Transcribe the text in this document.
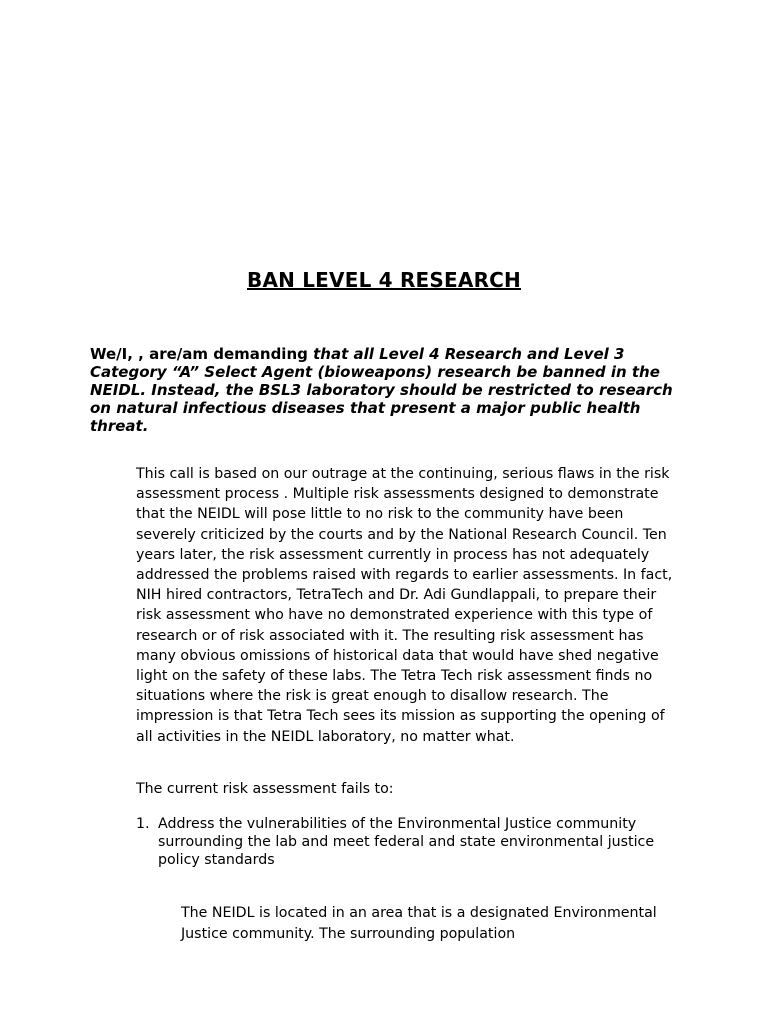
BAN LEVEL 4 RESEARCH

We/I, , are/am demanding that all Level 4 Research and Level 3 Category “A” Select Agent (bioweapons) research be banned in the NEIDL. Instead, the BSL3 laboratory should be restricted to research on natural infectious diseases that present a major public health threat.

This call is based on our outrage at the continuing, serious flaws in the risk assessment process . Multiple risk assessments designed to demonstrate that the NEIDL will pose little to no risk to the community have been severely criticized by the courts and by the National Research Council. Ten years later, the risk assessment currently in process has not adequately addressed the problems raised with regards to earlier assessments. In fact, NIH hired contractors, TetraTech and Dr. Adi Gundlappali, to prepare their risk assessment who have no demonstrated experience with this type of research or of risk associated with it. The resulting risk assessment has many obvious omissions of historical data that would have shed negative light on the safety of these labs. The Tetra Tech risk assessment finds no situations where the risk is great enough to disallow research. The impression is that Tetra Tech sees its mission as supporting the opening of all activities in the NEIDL laboratory, no matter what.

The current risk assessment fails to:

1. Address the vulnerabilities of the Environmental Justice community surrounding the lab and meet federal and state environmental justice policy standards

The NEIDL is located in an area that is a designated Environmental Justice community. The surrounding population
